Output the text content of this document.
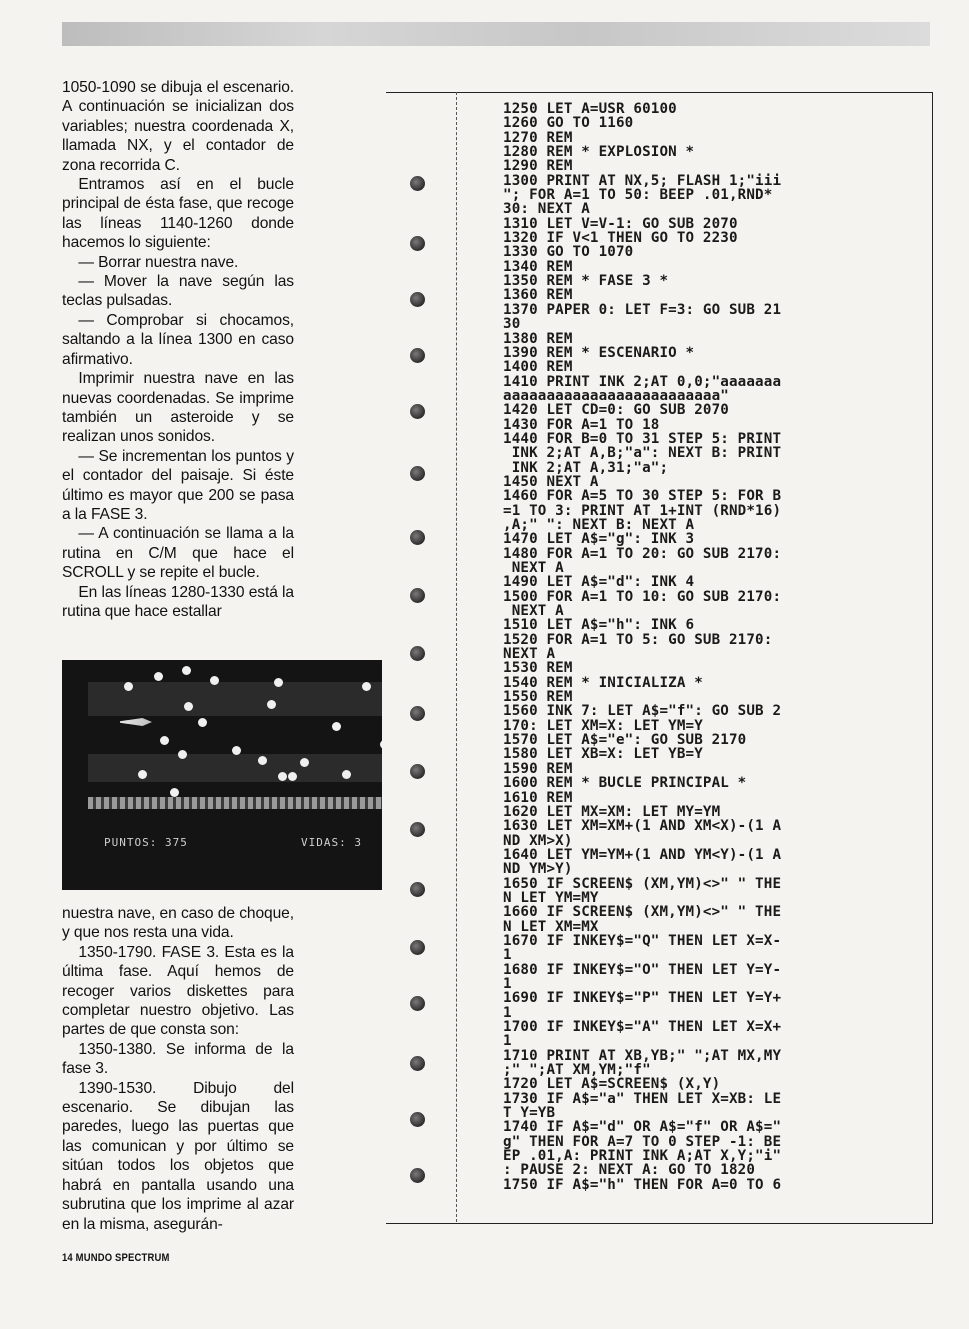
1050-1090 se dibuja el escenario. A continuación se inicializan dos variables; nuestra coordenada X, llamada NX, y el contador de zona recorrida C.

Entramos así en el bucle principal de ésta fase, que recoge las líneas 1140-1260 donde hacemos lo siguiente:

— Borrar nuestra nave.

— Mover la nave según las teclas pulsadas.

— Comprobar si chocamos, saltando a la línea 1300 en caso afirmativo.

Imprimir nuestra nave en las nuevas coordenadas. Se imprime también un asteroide y se realizan unos sonidos.

— Se incrementan los puntos y el contador del paisaje. Si éste último es mayor que 200 se pasa a la FASE 3.

— A continuación se llama a la rutina en C/M que hace el SCROLL y se repite el bucle.

En las líneas 1280-1330 está la rutina que hace estallar

PUNTOS: 375	VIDAS: 3

nuestra nave, en caso de choque, y que nos resta una vida.

1350-1790. FASE 3. Esta es la última fase. Aquí hemos de recoger varios diskettes para completar nuestro objetivo. Las partes de que consta son:

1350-1380. Se informa de la fase 3.

1390-1530. Dibujo del escenario. Se dibujan las paredes, luego las puertas que las comunican y por último se sitúan todos los objetos que habrá en pantalla usando una subrutina que los imprime al azar en la misma, asegurán-

1250 LET A=USR 60100
1260 GO TO 1160
1270 REM
1280 REM * EXPLOSION *
1290 REM
1300 PRINT AT NX,5; FLASH 1;"iii
"; FOR A=1 TO 50: BEEP .01,RND*
30: NEXT A
1310 LET V=V-1: GO SUB 2070
1320 IF V<1 THEN GO TO 2230
1330 GO TO 1070
1340 REM
1350 REM * FASE 3 *
1360 REM
1370 PAPER 0: LET F=3: GO SUB 21
30
1380 REM
1390 REM * ESCENARIO *
1400 REM
1410 PRINT INK 2;AT 0,0;"aaaaaaa
aaaaaaaaaaaaaaaaaaaaaaaaa"
1420 LET CD=0: GO SUB 2070
1430 FOR A=1 TO 18
1440 FOR B=0 TO 31 STEP 5: PRINT
INK 2;AT A,B;"a": NEXT B: PRINT
INK 2;AT A,31;"a";
1450 NEXT A
1460 FOR A=5 TO 30 STEP 5: FOR B
=1 TO 3: PRINT AT 1+INT (RND*16)
,A;" ": NEXT B: NEXT A
1470 LET A$="g": INK 3
1480 FOR A=1 TO 20: GO SUB 2170:
NEXT A
1490 LET A$="d": INK 4
1500 FOR A=1 TO 10: GO SUB 2170:
NEXT A
1510 LET A$="h": INK 6
1520 FOR A=1 TO 5: GO SUB 2170:
NEXT A
1530 REM
1540 REM * INICIALIZA *
1550 REM
1560 INK 7: LET A$="f": GO SUB 2
170: LET XM=X: LET YM=Y
1570 LET A$="e": GO SUB 2170
1580 LET XB=X: LET YB=Y
1590 REM
1600 REM * BUCLE PRINCIPAL *
1610 REM
1620 LET MX=XM: LET MY=YM
1630 LET XM=XM+(1 AND XM<X)-(1 A
ND XM>X)
1640 LET YM=YM+(1 AND YM<Y)-(1 A
ND YM>Y)
1650 IF SCREEN$ (XM,YM)<>" " THE
N LET YM=MY
1660 IF SCREEN$ (XM,YM)<>" " THE
N LET XM=MX
1670 IF INKEY$="Q" THEN LET X=X-
1
1680 IF INKEY$="O" THEN LET Y=Y-
1
1690 IF INKEY$="P" THEN LET Y=Y+
1
1700 IF INKEY$="A" THEN LET X=X+
1
1710 PRINT AT XB,YB;" ";AT MX,MY
;" ";AT XM,YM;"f"
1720 LET A$=SCREEN$ (X,Y)
1730 IF A$="a" THEN LET X=XB: LE
T Y=YB
1740 IF A$="d" OR A$="f" OR A$="
g" THEN FOR A=7 TO 0 STEP -1: BE
EP .01,A: PRINT INK A;AT X,Y;"i"
: PAUSE 2: NEXT A: GO TO 1820
1750 IF A$="h" THEN FOR A=0 TO 6
14 MUNDO SPECTRUM
